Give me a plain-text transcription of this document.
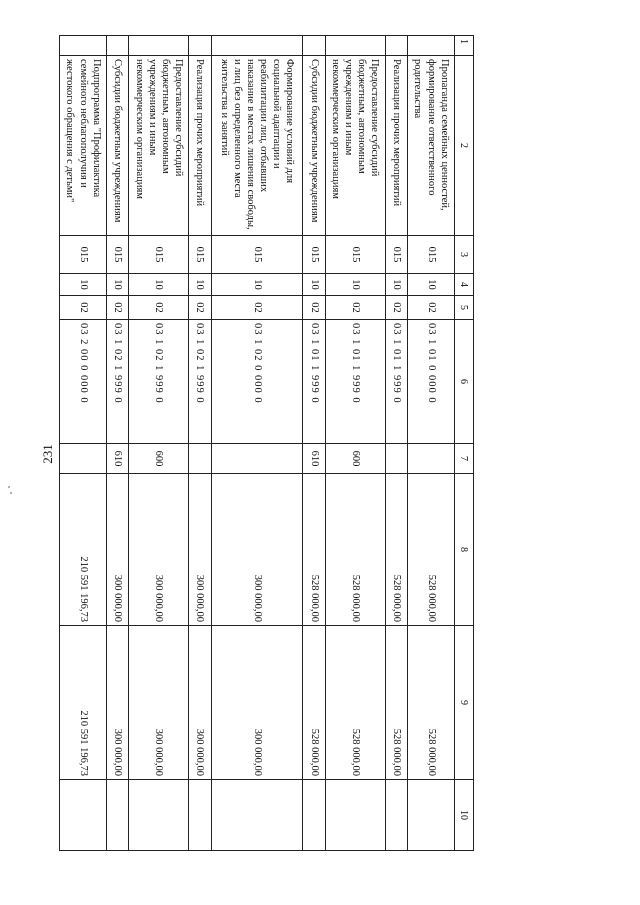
231
1	2	3	4	5	6	7	8	9	10
	Пропаганда семейных ценностей, формирование ответственного родительства	015	10	02	03 1 01 0 000 0		528 000,00	528 000,00	
	Реализация прочих мероприятий	015	10	02	03 1 01 1 999 0		528 000,00	528 000,00	
	Предоставление субсидий бюджетным, автономным учреждениям и иным некоммерческим организациям	015	10	02	03 1 01 1 999 0	600	528 000,00	528 000,00	
	Субсидии бюджетным учреждениям	015	10	02	03 1 01 1 999 0	610	528 000,00	528 000,00	
	Формирование условий для социальной адаптации и реабилитации лиц, отбывших наказание в местах лишения свободы, и лиц без определенного места жительства и занятий	015	10	02	03 1 02 0 000 0		300 000,00	300 000,00	
	Реализация прочих мероприятий	015	10	02	03 1 02 1 999 0		300 000,00	300 000,00	
	Предоставление субсидий бюджетным, автономным учреждениям и иным некоммерческим организациям	015	10	02	03 1 02 1 999 0	600	300 000,00	300 000,00	
	Субсидии бюджетным учреждениям	015	10	02	03 1 02 1 999 0	610	300 000,00	300 000,00	
	Подпрограмма "Профилактика семейного неблагополучия и жестокого обращения с детьми"	015	10	02	03 2 00 0 000 0		210 591 196,73	210 591 196,73	
